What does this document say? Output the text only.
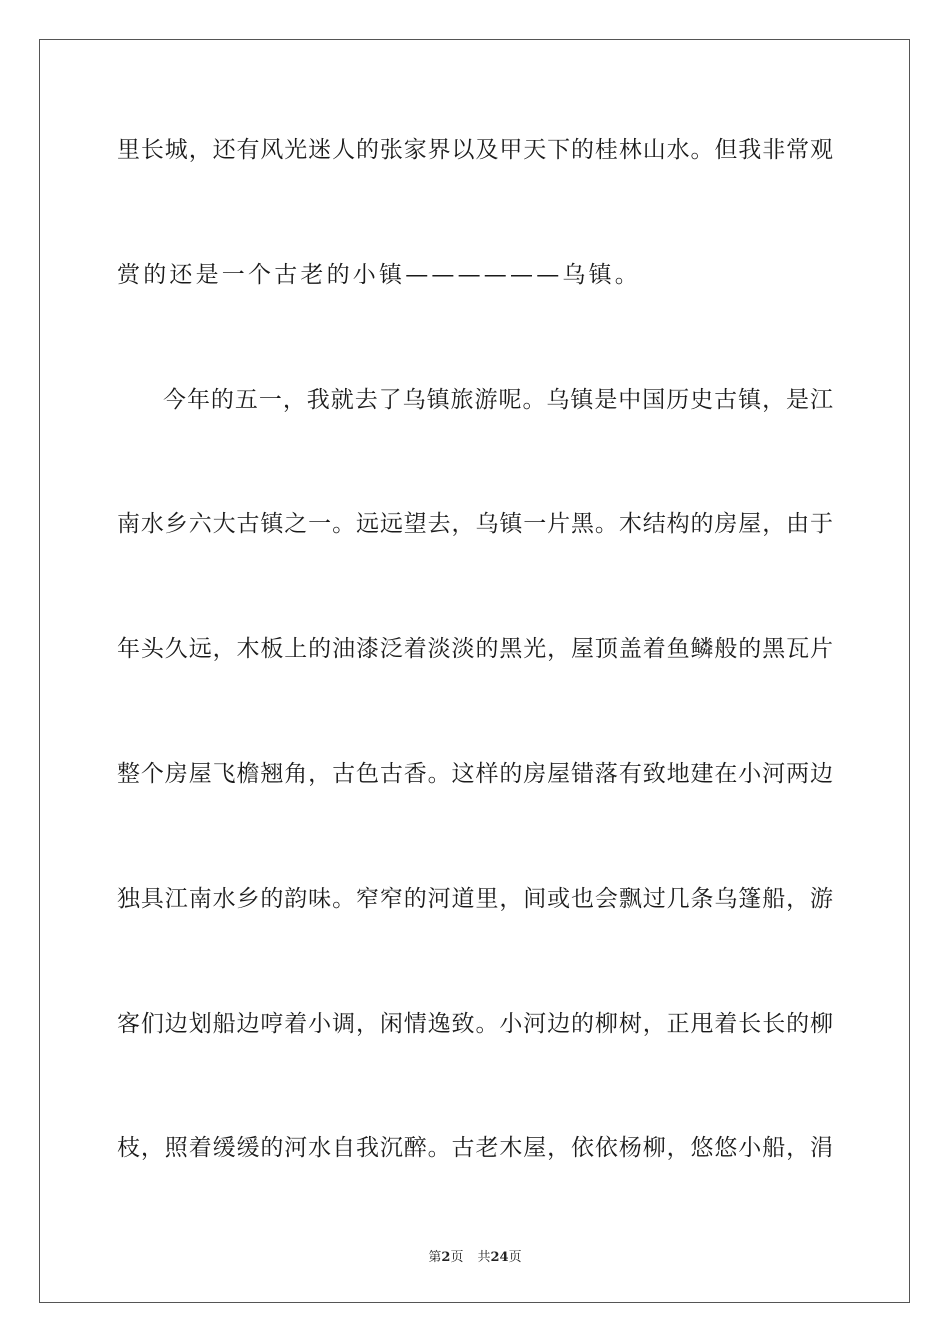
里长城，还有风光迷人的张家界以及甲天下的桂林山水。但我非常观
赏的还是一个古老的小镇——————乌镇。
今年的五一，我就去了乌镇旅游呢。乌镇是中国历史古镇，是江
南水乡六大古镇之一。远远望去，乌镇一片黑。木结构的房屋，由于
年头久远，木板上的油漆泛着淡淡的黑光，屋顶盖着鱼鳞般的黑瓦片
整个房屋飞檐翘角，古色古香。这样的房屋错落有致地建在小河两边
独具江南水乡的韵味。窄窄的河道里，间或也会飘过几条乌篷船，游
客们边划船边哼着小调，闲情逸致。小河边的柳树，正甩着长长的柳
枝，照着缓缓的河水自我沉醉。古老木屋，依依杨柳，悠悠小船，涓
第2页 共24页
